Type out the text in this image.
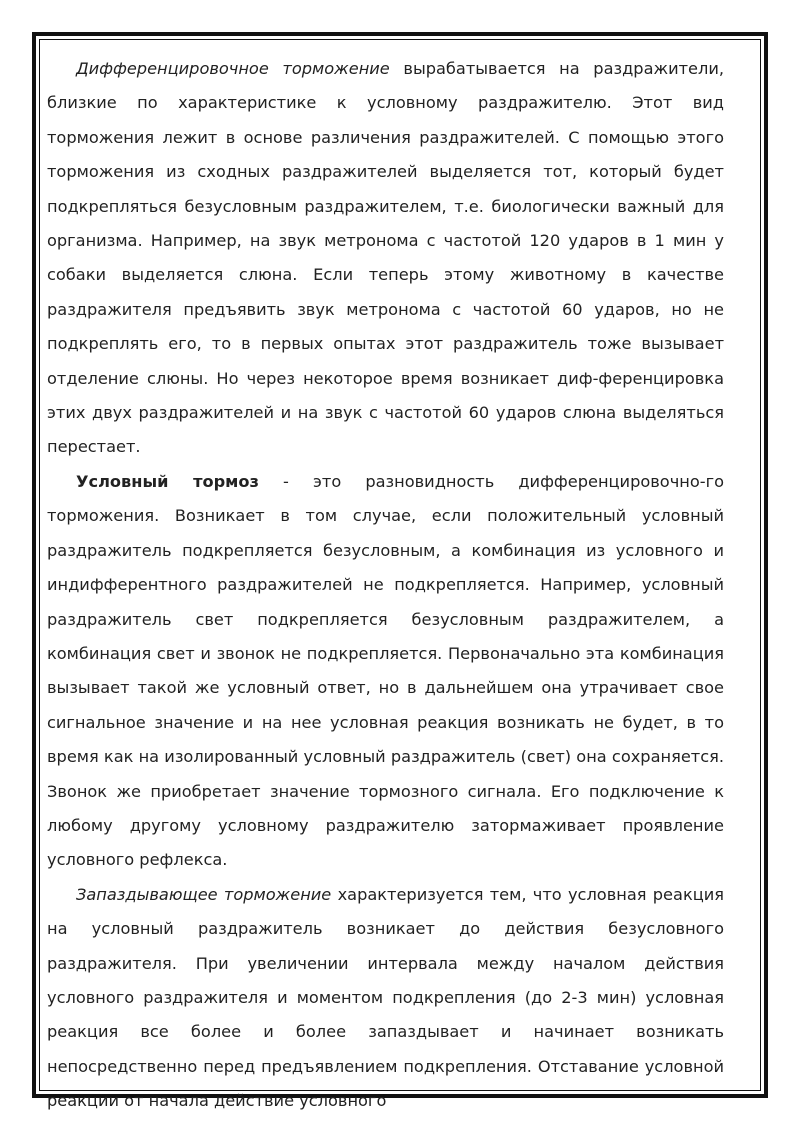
Дифференцировочное торможение вырабатывается на раздражители, близкие по характеристике к условному раздражителю. Этот вид торможения лежит в основе различения раздражителей. С помощью этого торможения из сходных раздражителей выделяется тот, который будет подкрепляться безусловным раздражителем, т.е. биологически важный для организма. Например, на звук метронома с частотой 120 ударов в 1 мин у собаки выделяется слюна. Если теперь этому животному в качестве раздражителя предъявить звук метронома с частотой 60 ударов, но не подкреплять его, то в первых опытах этот раздражитель тоже вызывает отделение слюны. Но через некоторое время возникает диф-ференцировка этих двух раздражителей и на звук с частотой 60 ударов слюна выделяться перестает.

Условный тормоз - это разновидность дифференцировочно-го торможения. Возникает в том случае, если положительный условный раздражитель подкрепляется безусловным, а комбинация из условного и индифферентного раздражителей не подкрепляется. Например, условный раздражитель свет подкрепляется безусловным раздражителем, а комбинация свет и звонок не подкрепляется. Первоначально эта комбинация вызывает такой же условный ответ, но в дальнейшем она утрачивает свое сигнальное значение и на нее условная реакция возникать не будет, в то время как на изолированный условный раздражитель (свет) она сохраняется. Звонок же приобретает значение тормозного сигнала. Его подключение к любому другому условному раздражителю затормаживает проявление условного рефлекса.

Запаздывающее торможение характеризуется тем, что условная реакция на условный раздражитель возникает до действия безусловного раздражителя. При увеличении интервала между началом действия условного раздражителя и моментом подкрепления (до 2-3 мин) условная реакция все более и более запаздывает и начинает возникать непосредственно перед предъявлением подкрепления. Отставание условной реакции от начала действие условного
